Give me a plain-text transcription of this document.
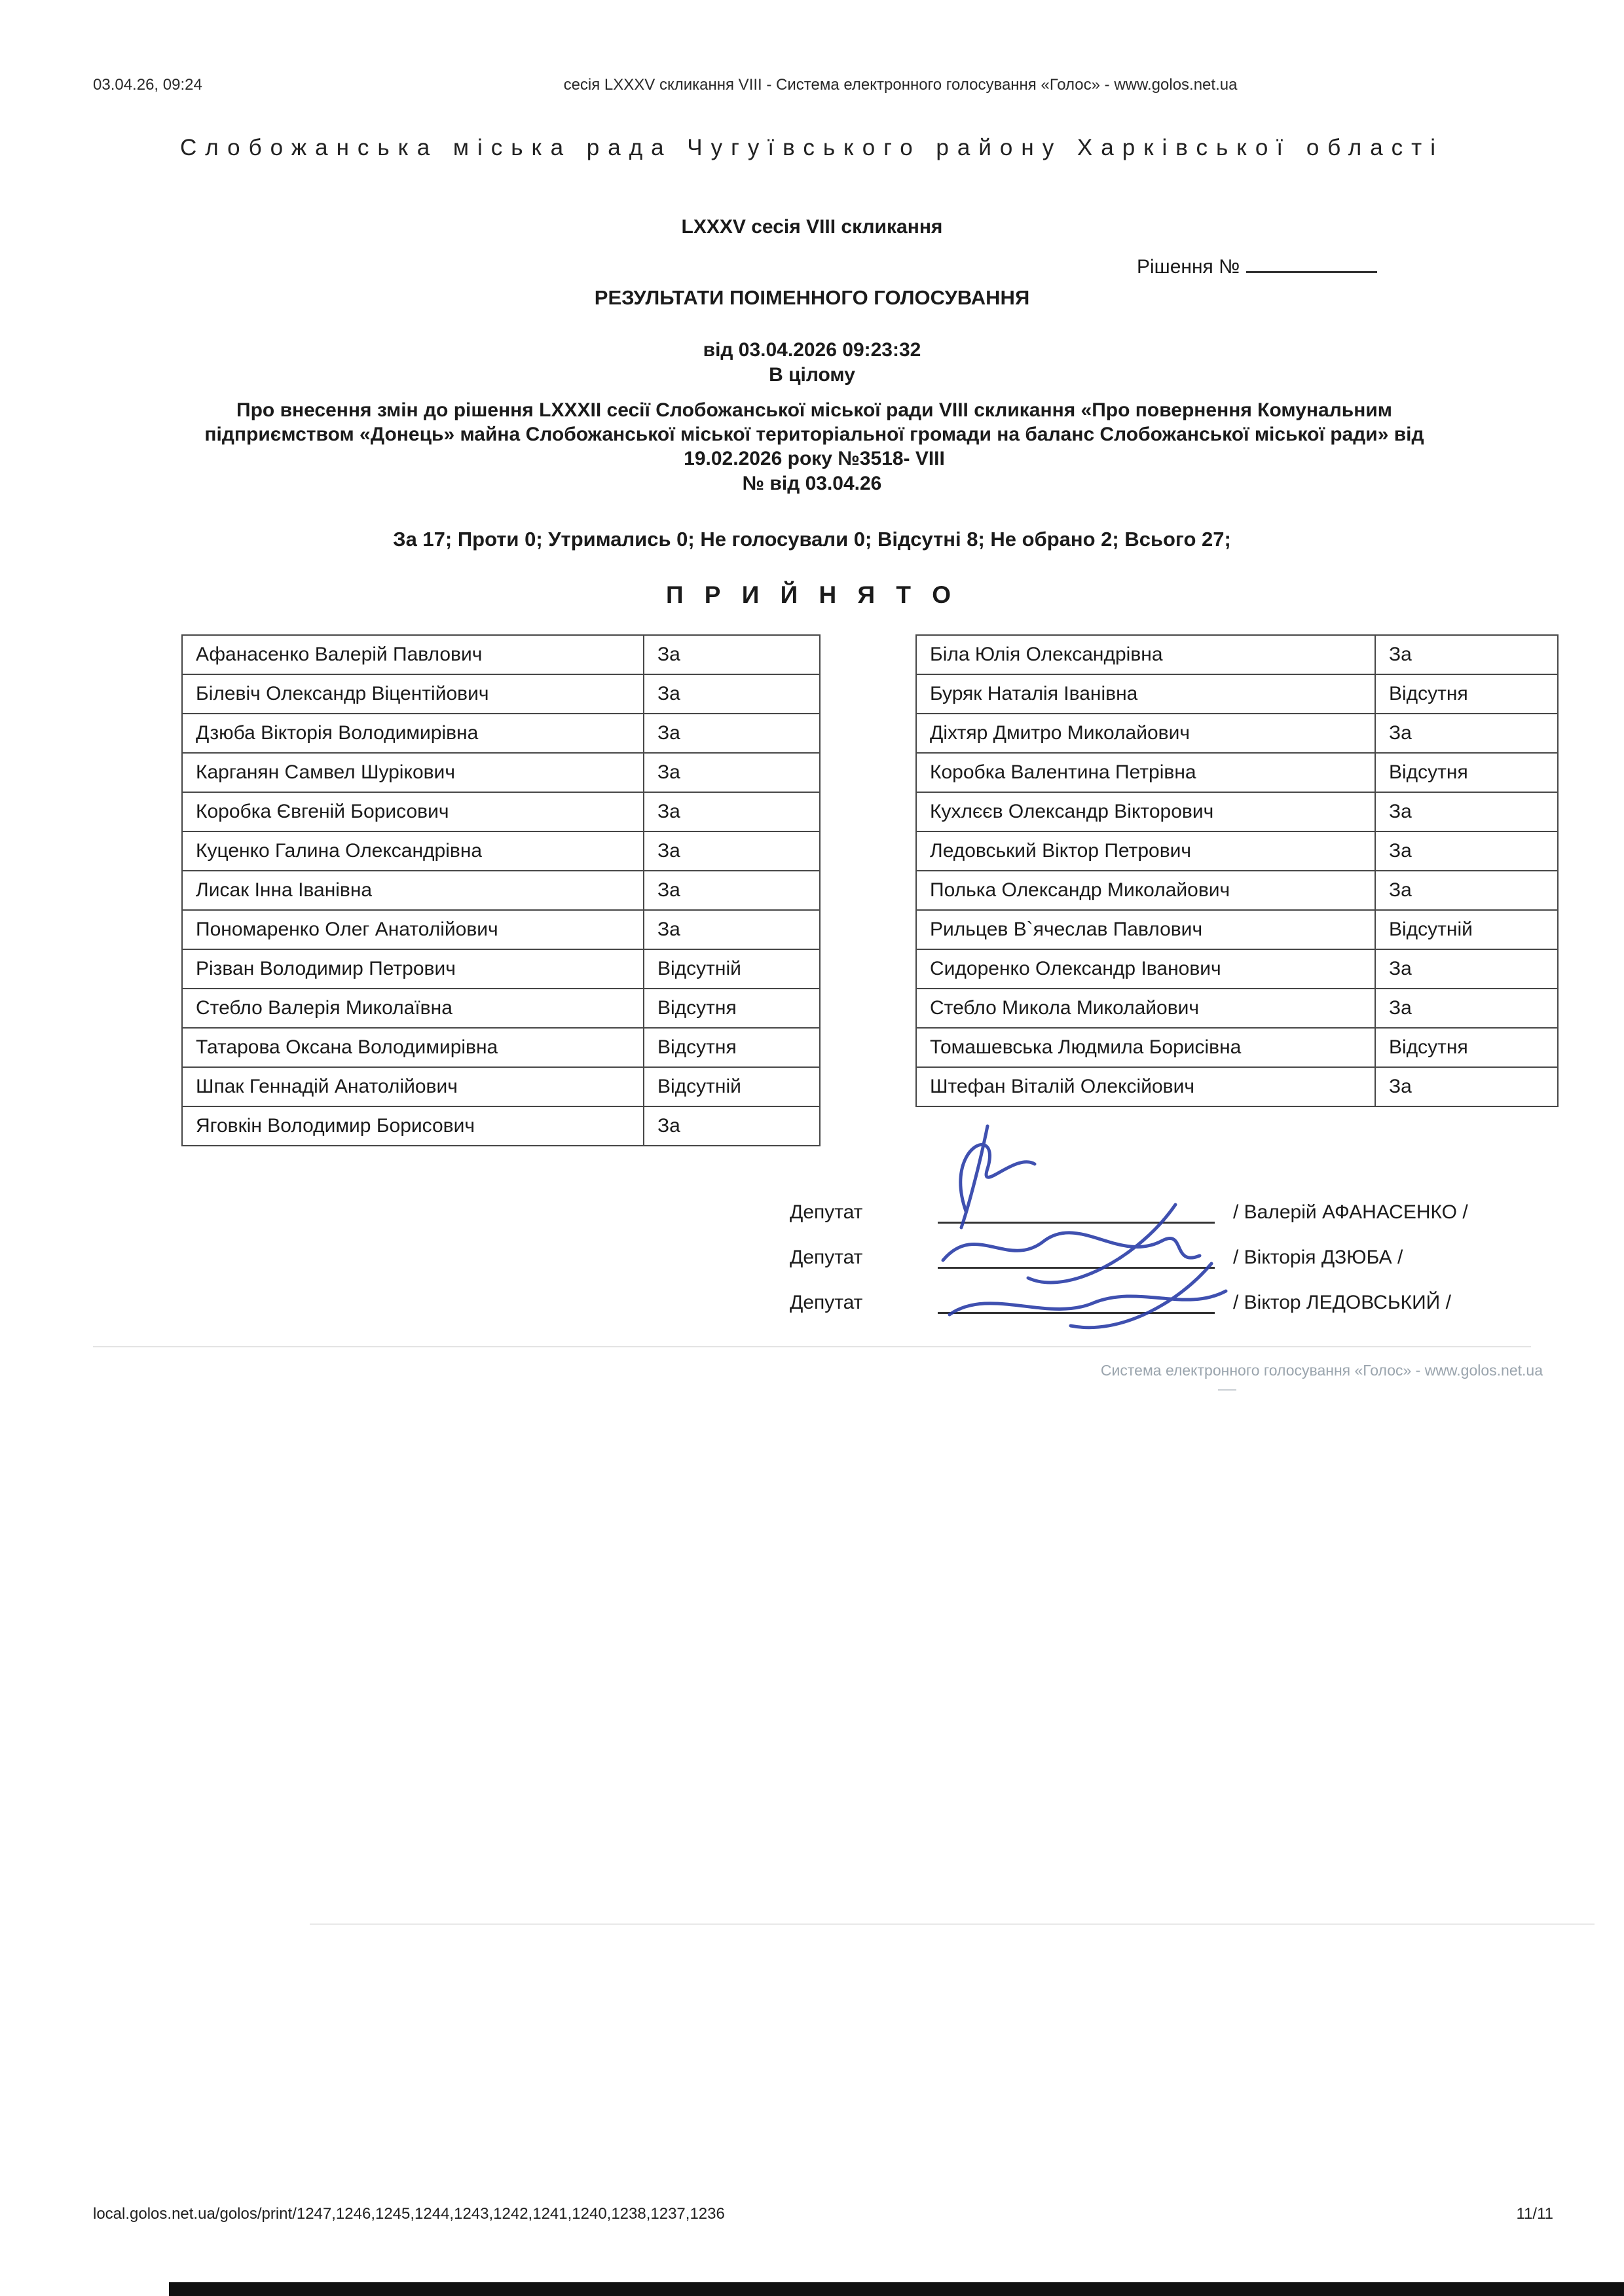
03.04.26, 09:24	сесія LXXXV скликання VIII - Система електронного голосування «Голос» - www.golos.net.ua
Слобожанська міська рада Чугуївського району Харківської області
LXXXV сесія VIII скликання
Рішення №
РЕЗУЛЬТАТИ ПОІМЕННОГО ГОЛОСУВАННЯ
від 03.04.2026 09:23:32
В цілому
Про внесення змін до рішення LXXXII сесії Слобожанської міської ради VIII скликання «Про повернення Комунальним підприємством «Донець» майна Слобожанської міської територіальної громади на баланс Слобожанської міської ради» від 19.02.2026 року №3518- VIII
№ від 03.04.26
За 17; Проти 0; Утримались 0; Не голосували 0; Відсутні 8; Не обрано 2; Всього 27;
П Р И Й Н Я Т О
Афанасенко Валерій Павлович	За
Білевіч Олександр Віцентійович	За
Дзюба Вікторія Володимирівна	За
Карганян Самвел Шурікович	За
Коробка Євгеній Борисович	За
Куценко Галина Олександрівна	За
Лисак Інна Іванівна	За
Пономаренко Олег Анатолійович	За
Різван Володимир Петрович	Відсутній
Стебло Валерія Миколаївна	Відсутня
Татарова Оксана Володимирівна	Відсутня
Шпак Геннадій Анатолійович	Відсутній
Яговкін Володимир Борисович	За
Біла Юлія Олександрівна	За
Буряк Наталія Іванівна	Відсутня
Діхтяр Дмитро Миколайович	За
Коробка Валентина Петрівна	Відсутня
Кухлєєв Олександр Вікторович	За
Ледовський Віктор Петрович	За
Полька Олександр Миколайович	За
Рильцев В`ячеслав Павлович	Відсутній
Сидоренко Олександр Іванович	За
Стебло Микола Миколайович	За
Томашевська Людмила Борисівна	Відсутня
Штефан Віталій Олексійович	За
Депутат	/ Валерій АФАНАСЕНКО /
Депутат	/ Вікторія ДЗЮБА /
Депутат	/ Віктор ЛЕДОВСЬКИЙ /
Система електронного голосування «Голос» - www.golos.net.ua
local.golos.net.ua/golos/print/1247,1246,1245,1244,1243,1242,1241,1240,1238,1237,1236	11/11
